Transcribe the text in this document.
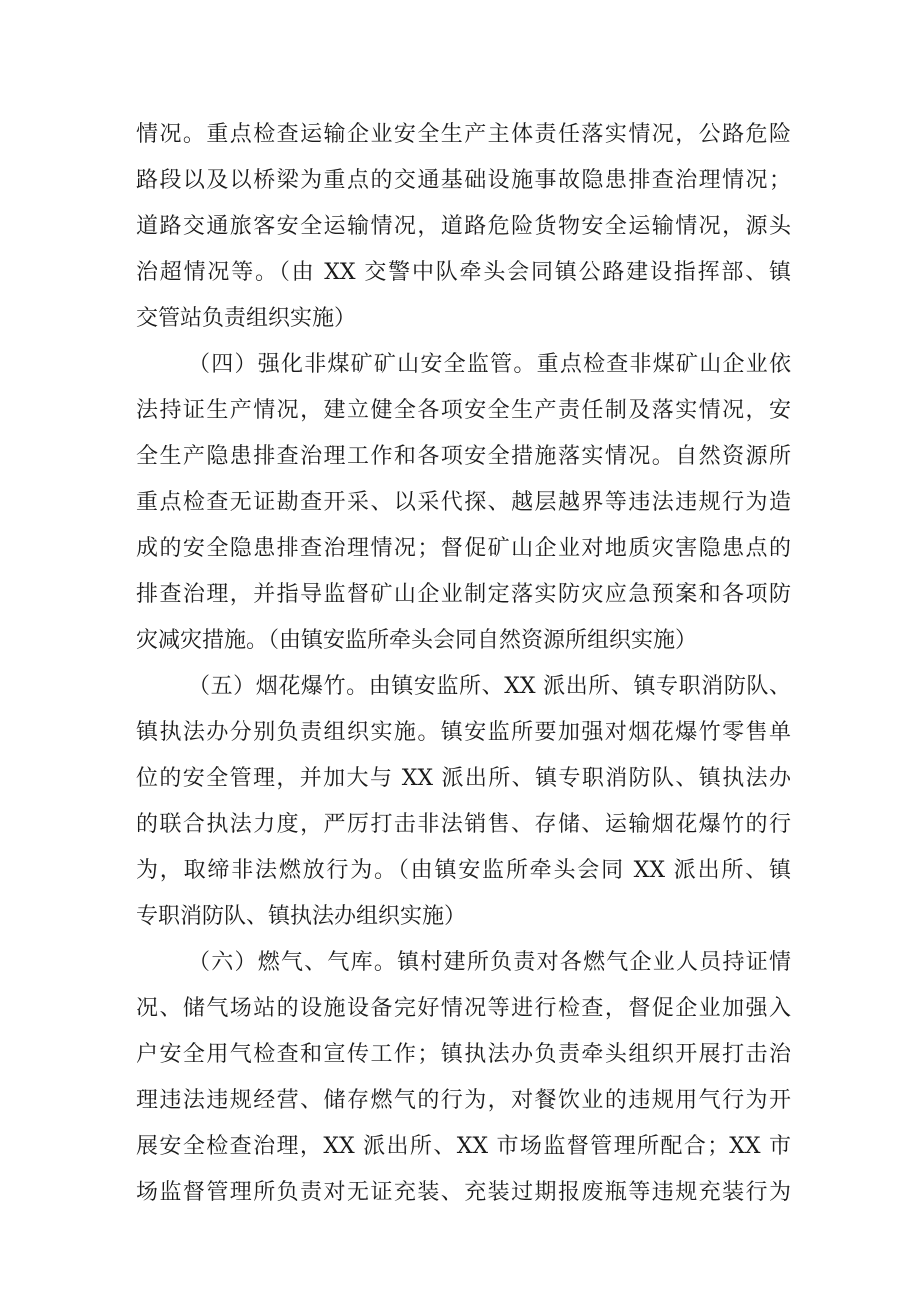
情况。重点检查运输企业安全生产主体责任落实情况，公路危险
路段以及以桥梁为重点的交通基础设施事故隐患排查治理情况；
道路交通旅客安全运输情况，道路危险货物安全运输情况，源头
治超情况等。（由 XX 交警中队牵头会同镇公路建设指挥部、镇
交管站负责组织实施）
（四）强化非煤矿矿山安全监管。重点检查非煤矿山企业依
法持证生产情况，建立健全各项安全生产责任制及落实情况，安
全生产隐患排查治理工作和各项安全措施落实情况。自然资源所
重点检查无证勘查开采、以采代探、越层越界等违法违规行为造
成的安全隐患排查治理情况；督促矿山企业对地质灾害隐患点的
排查治理，并指导监督矿山企业制定落实防灾应急预案和各项防
灾减灾措施。（由镇安监所牵头会同自然资源所组织实施）
（五）烟花爆竹。由镇安监所、XX 派出所、镇专职消防队、
镇执法办分别负责组织实施。镇安监所要加强对烟花爆竹零售单
位的安全管理，并加大与 XX 派出所、镇专职消防队、镇执法办
的联合执法力度，严厉打击非法销售、存储、运输烟花爆竹的行
为，取缔非法燃放行为。（由镇安监所牵头会同 XX 派出所、镇
专职消防队、镇执法办组织实施）
（六）燃气、气库。镇村建所负责对各燃气企业人员持证情
况、储气场站的设施设备完好情况等进行检查，督促企业加强入
户安全用气检查和宣传工作；镇执法办负责牵头组织开展打击治
理违法违规经营、储存燃气的行为，对餐饮业的违规用气行为开
展安全检查治理，XX 派出所、XX 市场监督管理所配合；XX 市
场监督管理所负责对无证充装、充装过期报废瓶等违规充装行为
